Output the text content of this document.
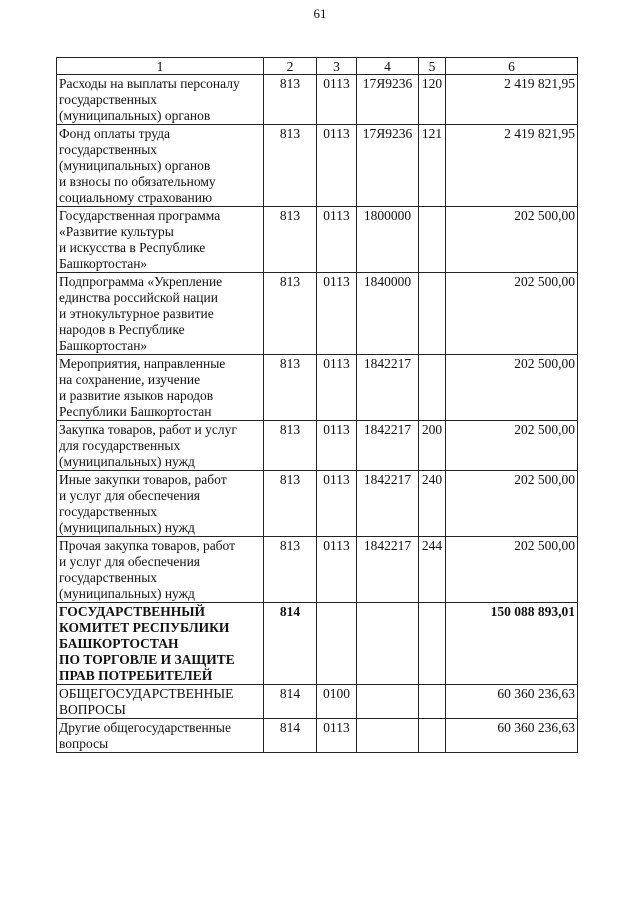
61
1	2	3	4	5	6
Расходы на выплаты персоналу
государственных
(муниципальных) органов	813	0113	17Я9236	120	2 419 821,95
Фонд оплаты труда
государственных
(муниципальных) органов
и взносы по обязательному
социальному страхованию	813	0113	17Я9236	121	2 419 821,95
Государственная программа
«Развитие культуры
и искусства в Республике
Башкортостан»	813	0113	1800000		202 500,00
Подпрограмма «Укрепление
единства российской нации
и этнокультурное развитие
народов в Республике
Башкортостан»	813	0113	1840000		202 500,00
Мероприятия, направленные
на сохранение, изучение
и развитие языков народов
Республики Башкортостан	813	0113	1842217		202 500,00
Закупка товаров, работ и услуг
для государственных
(муниципальных) нужд	813	0113	1842217	200	202 500,00
Иные закупки товаров, работ
и услуг для обеспечения
государственных
(муниципальных) нужд	813	0113	1842217	240	202 500,00
Прочая закупка товаров, работ
и услуг для обеспечения
государственных
(муниципальных) нужд	813	0113	1842217	244	202 500,00
ГОСУДАРСТВЕННЫЙ
КОМИТЕТ РЕСПУБЛИКИ
БАШКОРТОСТАН
ПО ТОРГОВЛЕ И ЗАЩИТЕ
ПРАВ ПОТРЕБИТЕЛЕЙ	814				150 088 893,01
ОБЩЕГОСУДАРСТВЕННЫЕ
ВОПРОСЫ	814	0100			60 360 236,63
Другие общегосударственные
вопросы	814	0113			60 360 236,63
